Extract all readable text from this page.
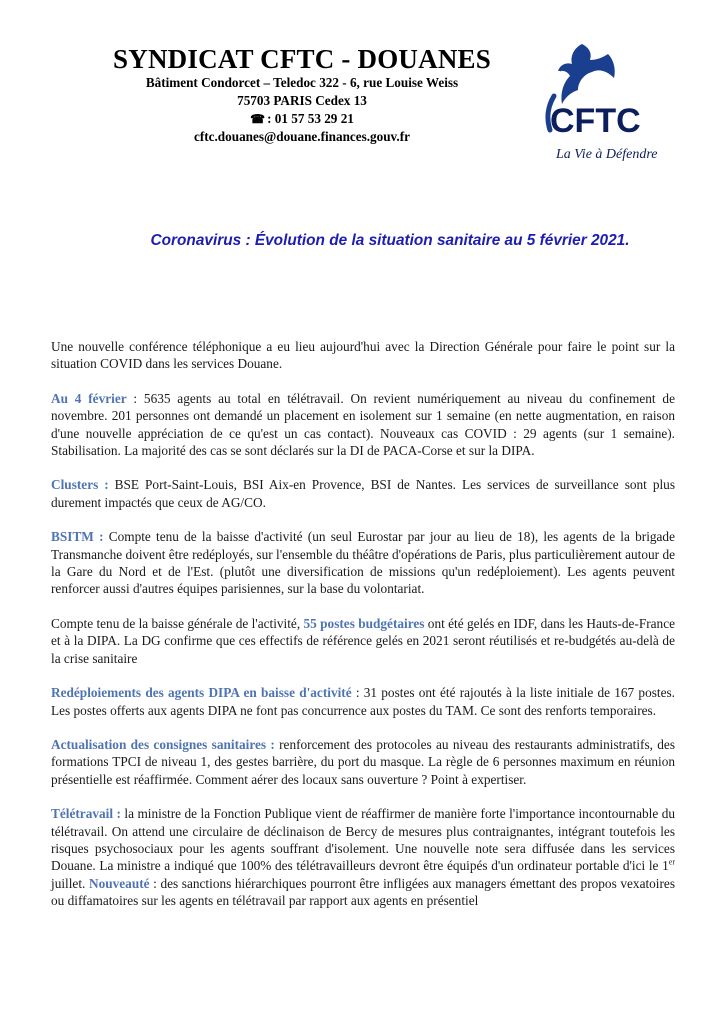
SYNDICAT CFTC - DOUANES
Bâtiment Condorcet – Teledoc 322 - 6, rue Louise Weiss
75703 PARIS Cedex 13
☎ : 01 57 53 29 21
cftc.douanes@douane.finances.gouv.fr	CFTC
La Vie à Défendre
Coronavirus : Évolution de la situation sanitaire au 5 février 2021.

Une nouvelle conférence téléphonique a eu lieu aujourd'hui avec la Direction Générale pour faire le point sur la situation COVID dans les services Douane.

Au 4 février : 5635 agents au total en télétravail. On revient numériquement au niveau du confinement de novembre. 201 personnes ont demandé un placement en isolement sur 1 semaine (en nette augmentation, en raison d'une nouvelle appréciation de ce qu'est un cas contact). Nouveaux cas COVID : 29 agents (sur 1 semaine). Stabilisation. La majorité des cas se sont déclarés sur la DI de PACA-Corse et sur la DIPA.

Clusters : BSE Port-Saint-Louis, BSI Aix-en Provence, BSI de Nantes. Les services de surveillance sont plus durement impactés que ceux de AG/CO.

BSITM : Compte tenu de la baisse d'activité (un seul Eurostar par jour au lieu de 18), les agents de la brigade Transmanche doivent être redéployés, sur l'ensemble du théâtre d'opérations de Paris, plus particulièrement autour de la Gare du Nord et de l'Est. (plutôt une diversification de missions qu'un redéploiement). Les agents peuvent renforcer aussi d'autres équipes parisiennes, sur la base du volontariat.

Compte tenu de la baisse générale de l'activité, 55 postes budgétaires ont été gelés en IDF, dans les Hauts-de-France et à la DIPA. La DG confirme que ces effectifs de référence gelés en 2021 seront réutilisés et re-budgétés au-delà de la crise sanitaire

Redéploiements des agents DIPA en baisse d'activité : 31 postes ont été rajoutés à la liste initiale de 167 postes. Les postes offerts aux agents DIPA ne font pas concurrence aux postes du TAM. Ce sont des renforts temporaires.

Actualisation des consignes sanitaires : renforcement des protocoles au niveau des restaurants administratifs, des formations TPCI de niveau 1, des gestes barrière, du port du masque. La règle de 6 personnes maximum en réunion présentielle est réaffirmée. Comment aérer des locaux sans ouverture ? Point à expertiser.

Télétravail : la ministre de la Fonction Publique vient de réaffirmer de manière forte l'importance incontournable du télétravail. On attend une circulaire de déclinaison de Bercy de mesures plus contraignantes, intégrant toutefois les risques psychosociaux pour les agents souffrant d'isolement. Une nouvelle note sera diffusée dans les services Douane. La ministre a indiqué que 100% des télétravailleurs devront être équipés d'un ordinateur portable d'ici le 1er juillet. Nouveauté : des sanctions hiérarchiques pourront être infligées aux managers émettant des propos vexatoires ou diffamatoires sur les agents en télétravail par rapport aux agents en présentiel
